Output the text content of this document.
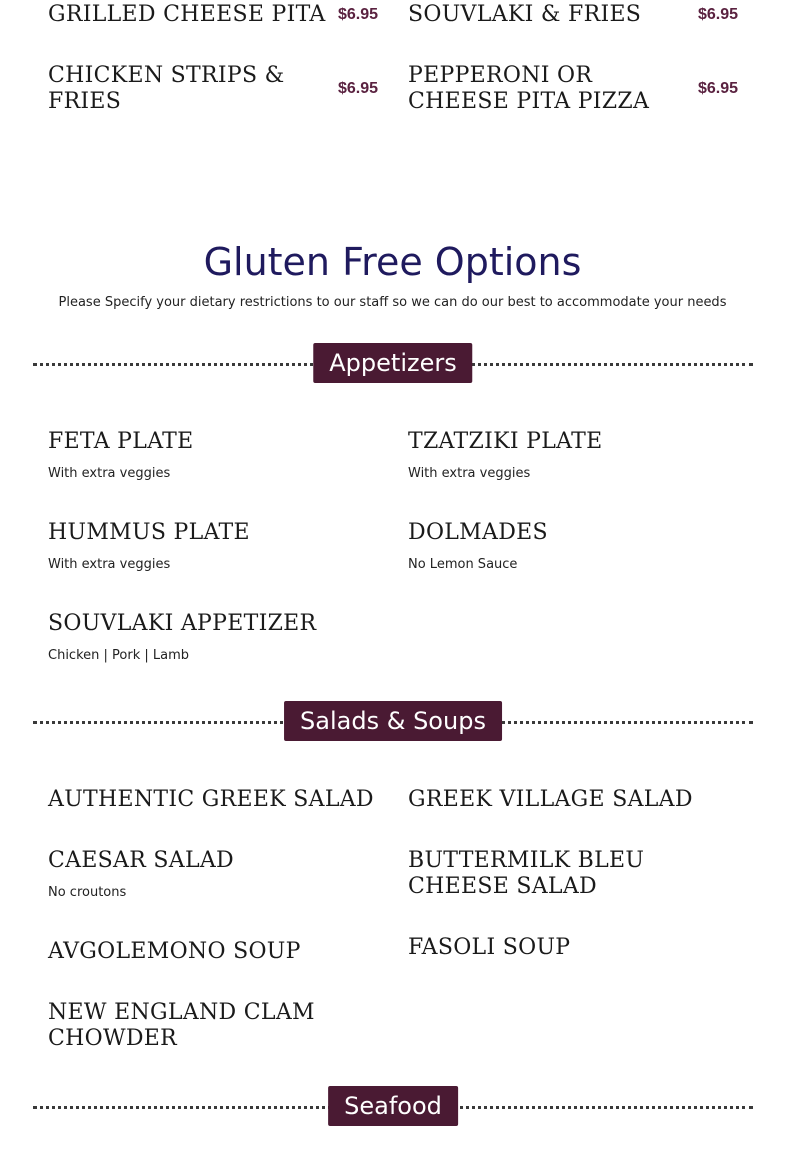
GRILLED CHEESE PITA $6.95 SOUVLAKI & FRIES	$6.95
CHICKEN STRIPS & FRIES
$6.95
PEPPERONI OR CHEESE PITA PIZZA
$6.95
Gluten Free Options
Please Specify your dietary restrictions to our staff so we can do our best to accommodate your needs
Appetizers
FETA PLATE
With extra veggies
TZATZIKI PLATE
With extra veggies
HUMMUS PLATE
With extra veggies
DOLMADES
No Lemon Sauce
SOUVLAKI APPETIZER
Chicken | Pork | Lamb
Salads & Soups
AUTHENTIC GREEK SALAD	GREEK VILLAGE SALAD
CAESAR SALAD
No croutons
BUTTERMILK BLEU CHEESE SALAD
AVGOLEMONO SOUP	FASOLI SOUP
NEW ENGLAND CLAM CHOWDER
Seafood
